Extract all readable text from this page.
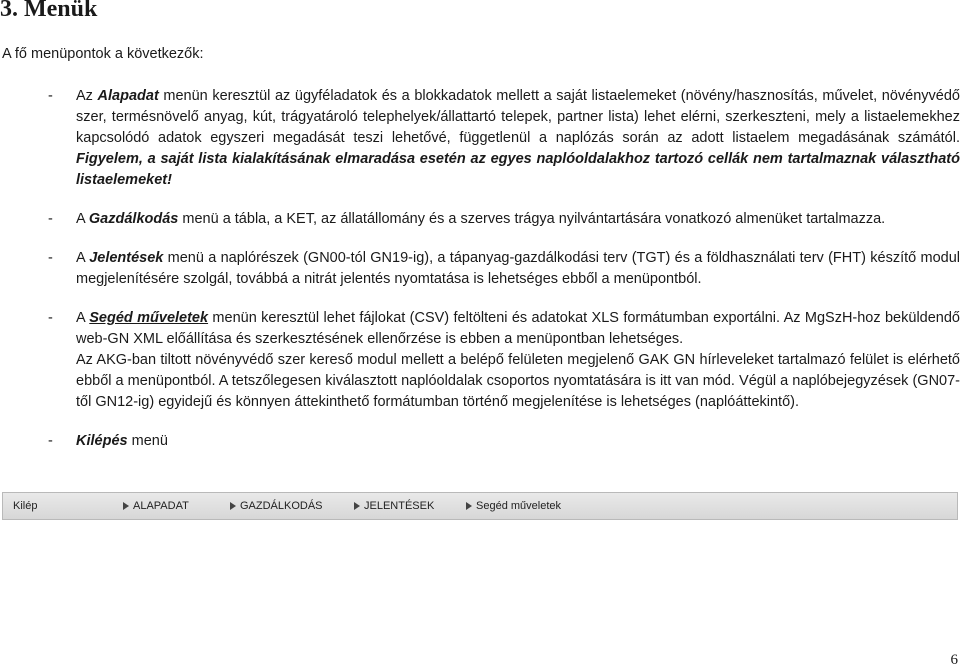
3. Menük

A fő menüpontok a következők:

- Az Alapadat menün keresztül az ügyféladatok és a blokkadatok mellett a saját listaelemeket (növény/hasznosítás, művelet, növényvédő szer, termésnövelő anyag, kút, trágyatároló telephelyek/állattartó telepek, partner lista) lehet elérni, szerkeszteni, mely a listaelemekhez kapcsolódó adatok egyszeri megadását teszi lehetővé, függetlenül a naplózás során az adott listaelem megadásának számától. Figyelem, a saját lista kialakításának elmaradása esetén az egyes naplóoldalakhoz tartozó cellák nem tartalmaznak választható listaelemeket!

- A Gazdálkodás menü a tábla, a KET, az állatállomány és a szerves trágya nyilvántartására vonatkozó almenüket tartalmazza.

- A Jelentések menü a naplórészek (GN00-tól GN19-ig), a tápanyag-gazdálkodási terv (TGT) és a földhasználati terv (FHT) készítő modul megjelenítésére szolgál, továbbá a nitrát jelentés nyomtatása is lehetséges ebből a menüpontból.

- A Segéd műveletek menün keresztül lehet fájlokat (CSV) feltölteni és adatokat XLS formátumban exportálni. Az MgSzH-hoz beküldendő web-GN XML előállítása és szerkesztésének ellenőrzése is ebben a menüpontban lehetséges.

Az AKG-ban tiltott növényvédő szer kereső modul mellett a belépő felületen megjelenő GAK GN hírleveleket tartalmazó felület is elérhető ebből a menüpontból. A tetszőlegesen kiválasztott naplóoldalak csoportos nyomtatására is itt van mód. Végül a naplóbejegyzések (GN07-től GN12-ig) egyidejű és könnyen áttekinthető formátumban történő megjelenítése is lehetséges (naplóáttekintő).

- Kilépés menü

Kilép	ALAPADAT	GAZDÁLKODÁS	JELENTÉSEK	Segéd műveletek
6
